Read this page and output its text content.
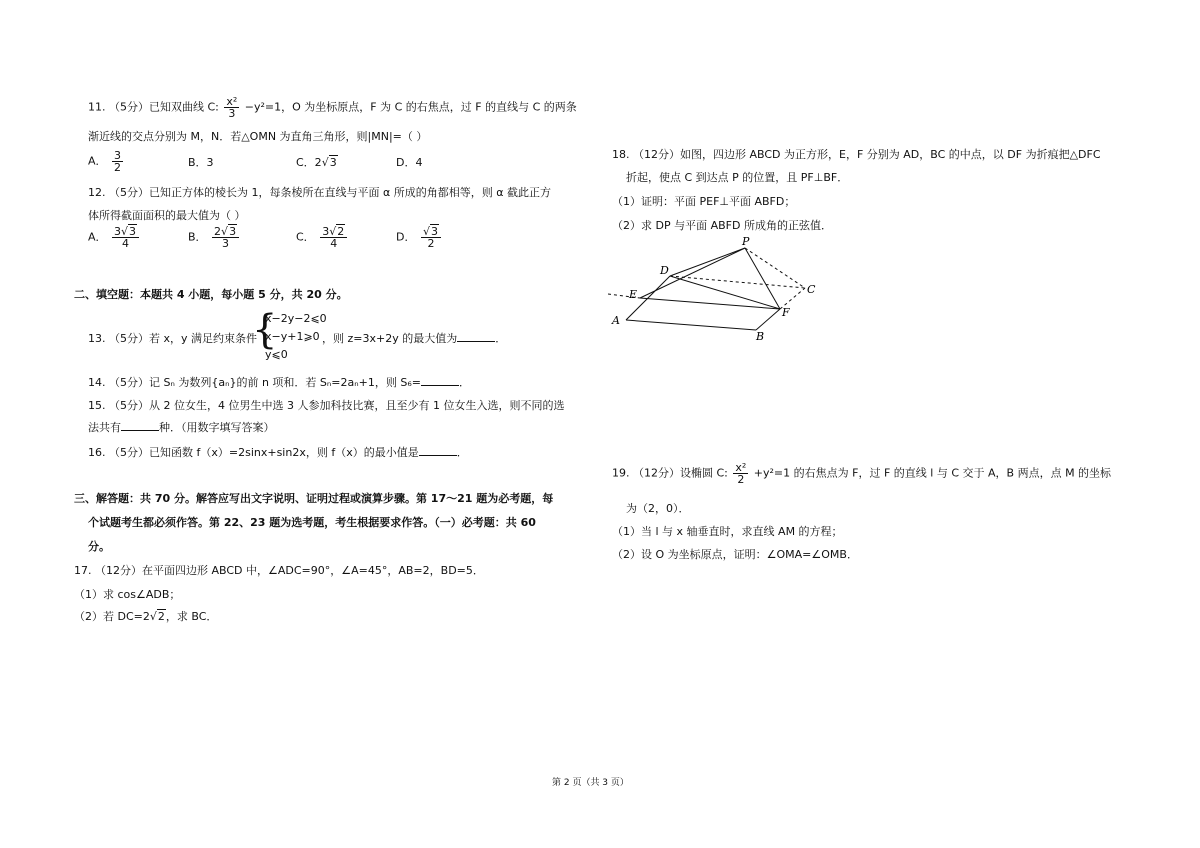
11. （5分）已知双曲线 C: $\frac{\text{x²}}{3} -y^2=1$，O 为坐标原点，F 为 C 的右焦点，过 F 的直线与 C 的两条
渐近线的交点分别为 M，N．若△OMN 为直角三角形，则|MN|=（ ）
A． $\frac{3}{2}$	B．3	C．2√3	D．4
12. （5分）已知正方体的棱长为 1，每条棱所在直线与平面 α 所成的角都相等，则 α 截此正方
体所得截面面积的最大值为（ ）
A． $\frac{3√3}{4}$	B． $\frac{2√3}{3}$	C． $\frac{3√2}{4}$	D． $\frac{√3}{2}$
二、填空题：本题共 4 小题，每小题 5 分，共 20 分。
13. （5分）若 x，y 满足约束条件
{
x−2y−2⩽0
x−y+1⩾0
y⩽0
，则 z=3x+2y 的最大值为	．
14. （5分）记 Sₙ 为数列{aₙ}的前 n 项和．若 Sₙ=2aₙ+1，则 S₆=	．
15. （5分）从 2 位女生，4 位男生中选 3 人参加科技比赛，且至少有 1 位女生入选，则不同的选
法共有	种．（用数字填写答案）
16. （5分）已知函数 f（x）=2sinx+sin2x，则 f（x）的最小值是	．
三、解答题：共 70 分。解答应写出文字说明、证明过程或演算步骤。第 17～21 题为必考题，每
个试题考生都必须作答。第 22、23 题为选考题，考生根据要求作答。（一）必考题：共 60
分。
17. （12分）在平面四边形 ABCD 中，∠ADC=90°，∠A=45°，AB=2，BD=5．
（1）求 cos∠ADB；
（2）若 DC=2√2，求 BC．
18. （12分）如图，四边形 ABCD 为正方形，E，F 分别为 AD，BC 的中点，以 DF 为折痕把△DFC
折起，使点 C 到达点 P 的位置，且 PF⊥BF．
（1）证明：平面 PEF⊥平面 ABFD；
（2）求 DP 与平面 ABFD 所成角的正弦值．
P
D
C
E
F
A
B
19. （12分）设椭圆 C: $\frac{\text{x²}}{2} +y^2=1$ 的右焦点为 F，过 F 的直线 l 与 C 交于 A，B 两点，点 M 的坐标
为（2，0）．
（1）当 l 与 x 轴垂直时，求直线 AM 的方程；
（2）设 O 为坐标原点，证明：∠OMA=∠OMB．
第 2 页（共 3 页）
